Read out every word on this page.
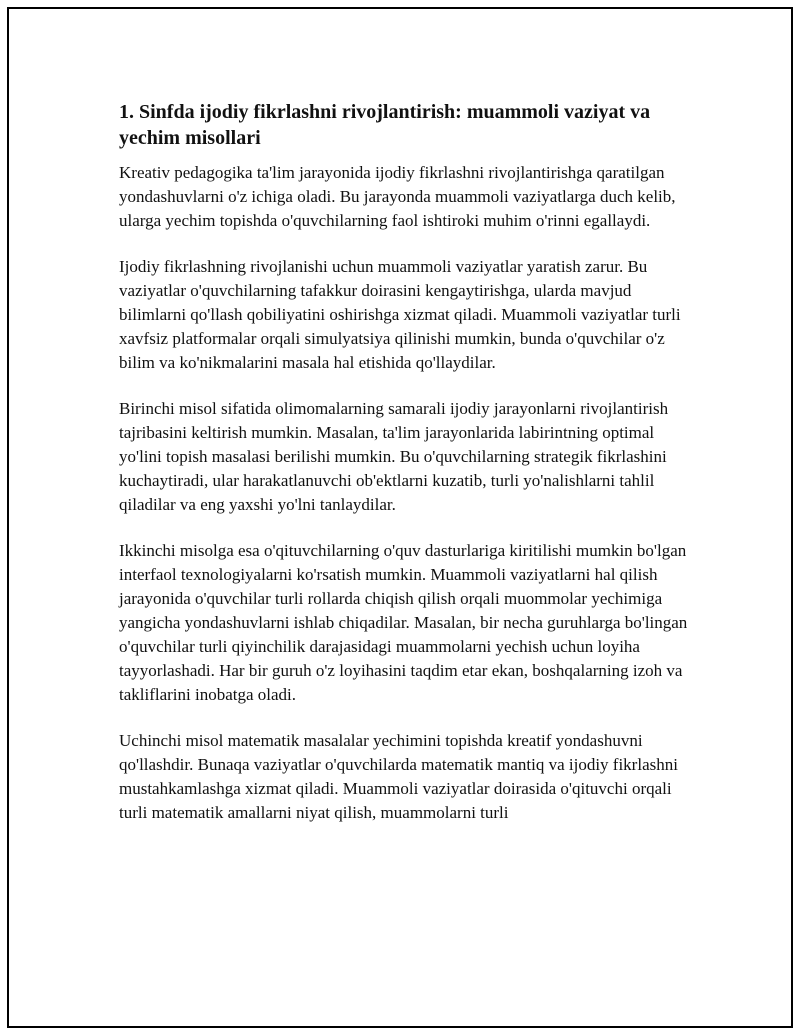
1. Sinfda ijodiy fikrlashni rivojlantirish: muammoli vaziyat va yechim misollari

Kreativ pedagogika ta'lim jarayonida ijodiy fikrlashni rivojlantirishga qaratilgan yondashuvlarni o'z ichiga oladi. Bu jarayonda muammoli vaziyatlarga duch kelib, ularga yechim topishda o'quvchilarning faol ishtiroki muhim o'rinni egallaydi.

Ijodiy fikrlashning rivojlanishi uchun muammoli vaziyatlar yaratish zarur. Bu vaziyatlar o'quvchilarning tafakkur doirasini kengaytirishga, ularda mavjud bilimlarni qo'llash qobiliyatini oshirishga xizmat qiladi. Muammoli vaziyatlar turli xavfsiz platformalar orqali simulyatsiya qilinishi mumkin, bunda o'quvchilar o'z bilim va ko'nikmalarini masala hal etishida qo'llaydilar.

Birinchi misol sifatida olimomalarning samarali ijodiy jarayonlarni rivojlantirish tajribasini keltirish mumkin. Masalan, ta'lim jarayonlarida labirintning optimal yo'lini topish masalasi berilishi mumkin. Bu o'quvchilarning strategik fikrlashini kuchaytiradi, ular harakatlanuvchi ob'ektlarni kuzatib, turli yo'nalishlarni tahlil qiladilar va eng yaxshi yo'lni tanlaydilar.

Ikkinchi misolga esa o'qituvchilarning o'quv dasturlariga kiritilishi mumkin bo'lgan interfaol texnologiyalarni ko'rsatish mumkin. Muammoli vaziyatlarni hal qilish jarayonida o'quvchilar turli rollarda chiqish qilish orqali muommolar yechimiga yangicha yondashuvlarni ishlab chiqadilar. Masalan, bir necha guruhlarga bo'lingan o'quvchilar turli qiyinchilik darajasidagi muammolarni yechish uchun loyiha tayyorlashadi. Har bir guruh o'z loyihasini taqdim etar ekan, boshqalarning izoh va takliflarini inobatga oladi.

Uchinchi misol matematik masalalar yechimini topishda kreatif yondashuvni qo'llashdir. Bunaqa vaziyatlar o'quvchilarda matematik mantiq va ijodiy fikrlashni mustahkamlashga xizmat qiladi. Muammoli vaziyatlar doirasida o'qituvchi orqali turli matematik amallarni niyat qilish, muammolarni turli
